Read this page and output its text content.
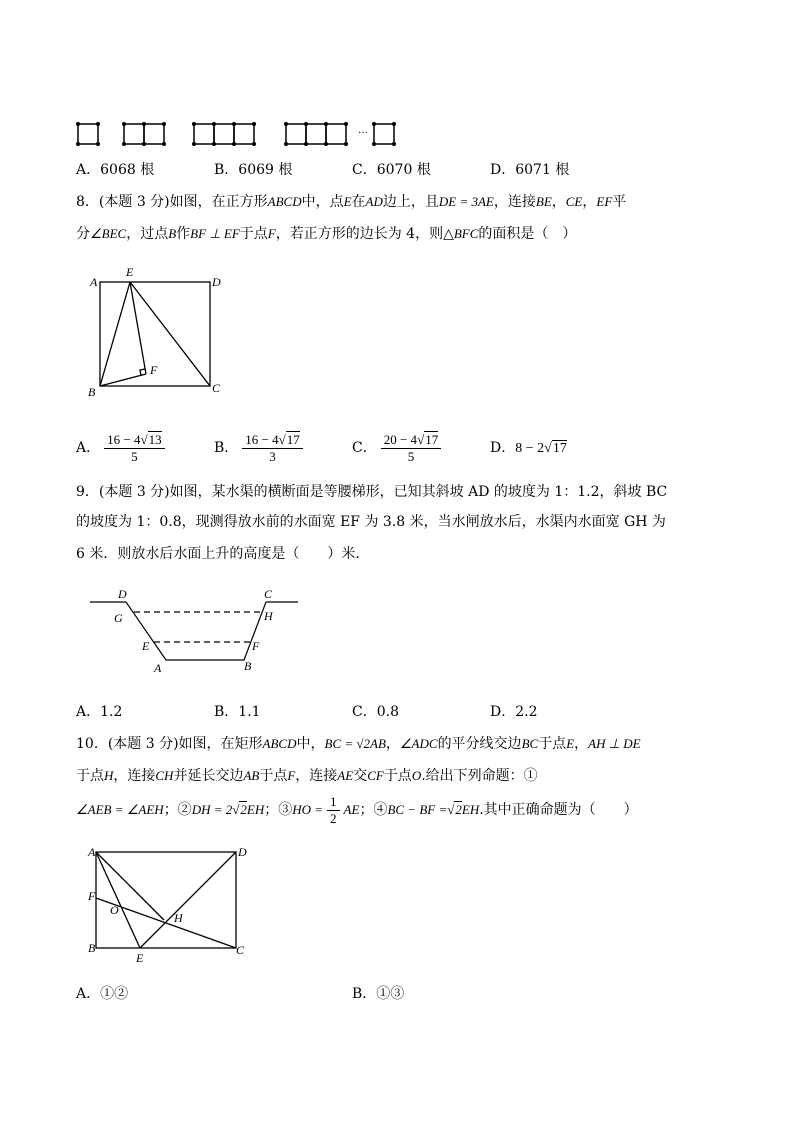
···
A．6068 根	B．6069 根	C．6070 根	D．6071 根
8．(本题 3 分)如图，在正方形ABCD中，点E在AD边上，且DE = 3AE，连接BE，CE，EF平
分∠BEC，过点B作BF ⊥ EF于点F，若正方形的边长为 4，则△BFC的面积是（　）
A
E
D
B	C
F
A． $\frac{16 - 4√13}{5}$	B． $\frac{16 - 4√17}{3}$	C． $\frac{20 - 4√17}{5}$	D．8 − 2√17
9．(本题 3 分)如图，某水渠的横断面是等腰梯形，已知其斜坡 AD 的坡度为 1：1.2，斜坡 BC
的坡度为 1：0.8，现测得放水前的水面宽 EF 为 3.8 米，当水闸放水后，水渠内水面宽 GH 为
6 米．则放水后水面上升的高度是（　　）米．
D	C
G	H
E	F
A	B
A．1.2	B．1.1	C．0.8	D．2.2
10．(本题 3 分)如图，在矩形ABCD中，BC = √2AB，∠ADC的平分线交边BC于点E，AH ⊥ DE
于点H，连接CH并延长交边AB于点F，连接AE交CF于点O.给出下列命题：①
∠AEB = ∠AEH；②DH = 2√2EH；③HO = $\frac{1}{2}$ AE；④BC − BF =√2EH.其中正确命题为（　　）
A	D
F
O
H
B
E
C
A．①②	B．①③
